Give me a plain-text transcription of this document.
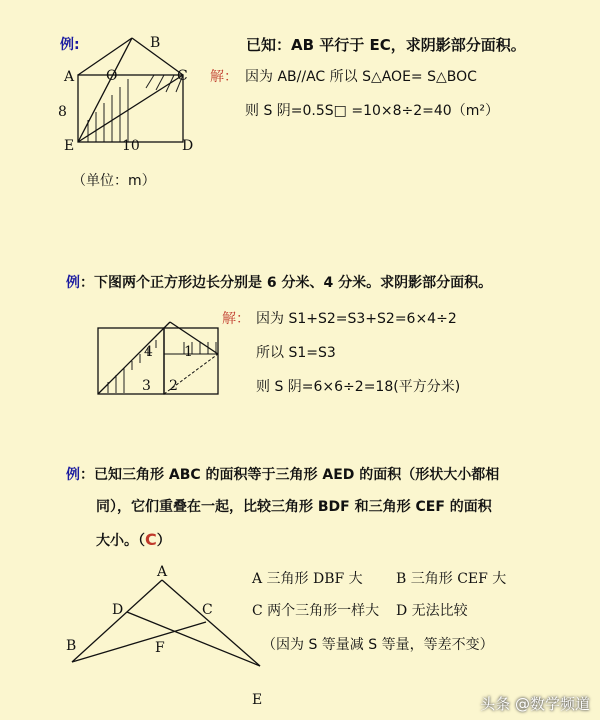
例:	已知：AB 平行于 EC，求阴影部分面积。
B
A O	C
8
E	10	D
解： 因为 AB//AC 所以 S△AOE= S△BOC
则 S 阴=0.5S□ =10×8÷2=40（m²）
（单位：m）
例：下图两个正方形边长分别是 6 分米、4 分米。求阴影部分面积。
4 1
3 2
解： 因为 S1+S2=S3+S2=6×4÷2
所以 S1=S3
则 S 阴=6×6÷2=18(平方分米)
例：已知三角形 ABC 的面积等于三角形 AED 的面积（形状大小都相
同），它们重叠在一起，比较三角形 BDF 和三角形 CEF 的面积
大小。（C）
A
D	C
B	F
E
A 三角形 DBF 大 B 三角形 CEF 大
C 两个三角形一样大 D 无法比较
（因为 S 等量减 S 等量，等差不变）
头条 @数学频道
